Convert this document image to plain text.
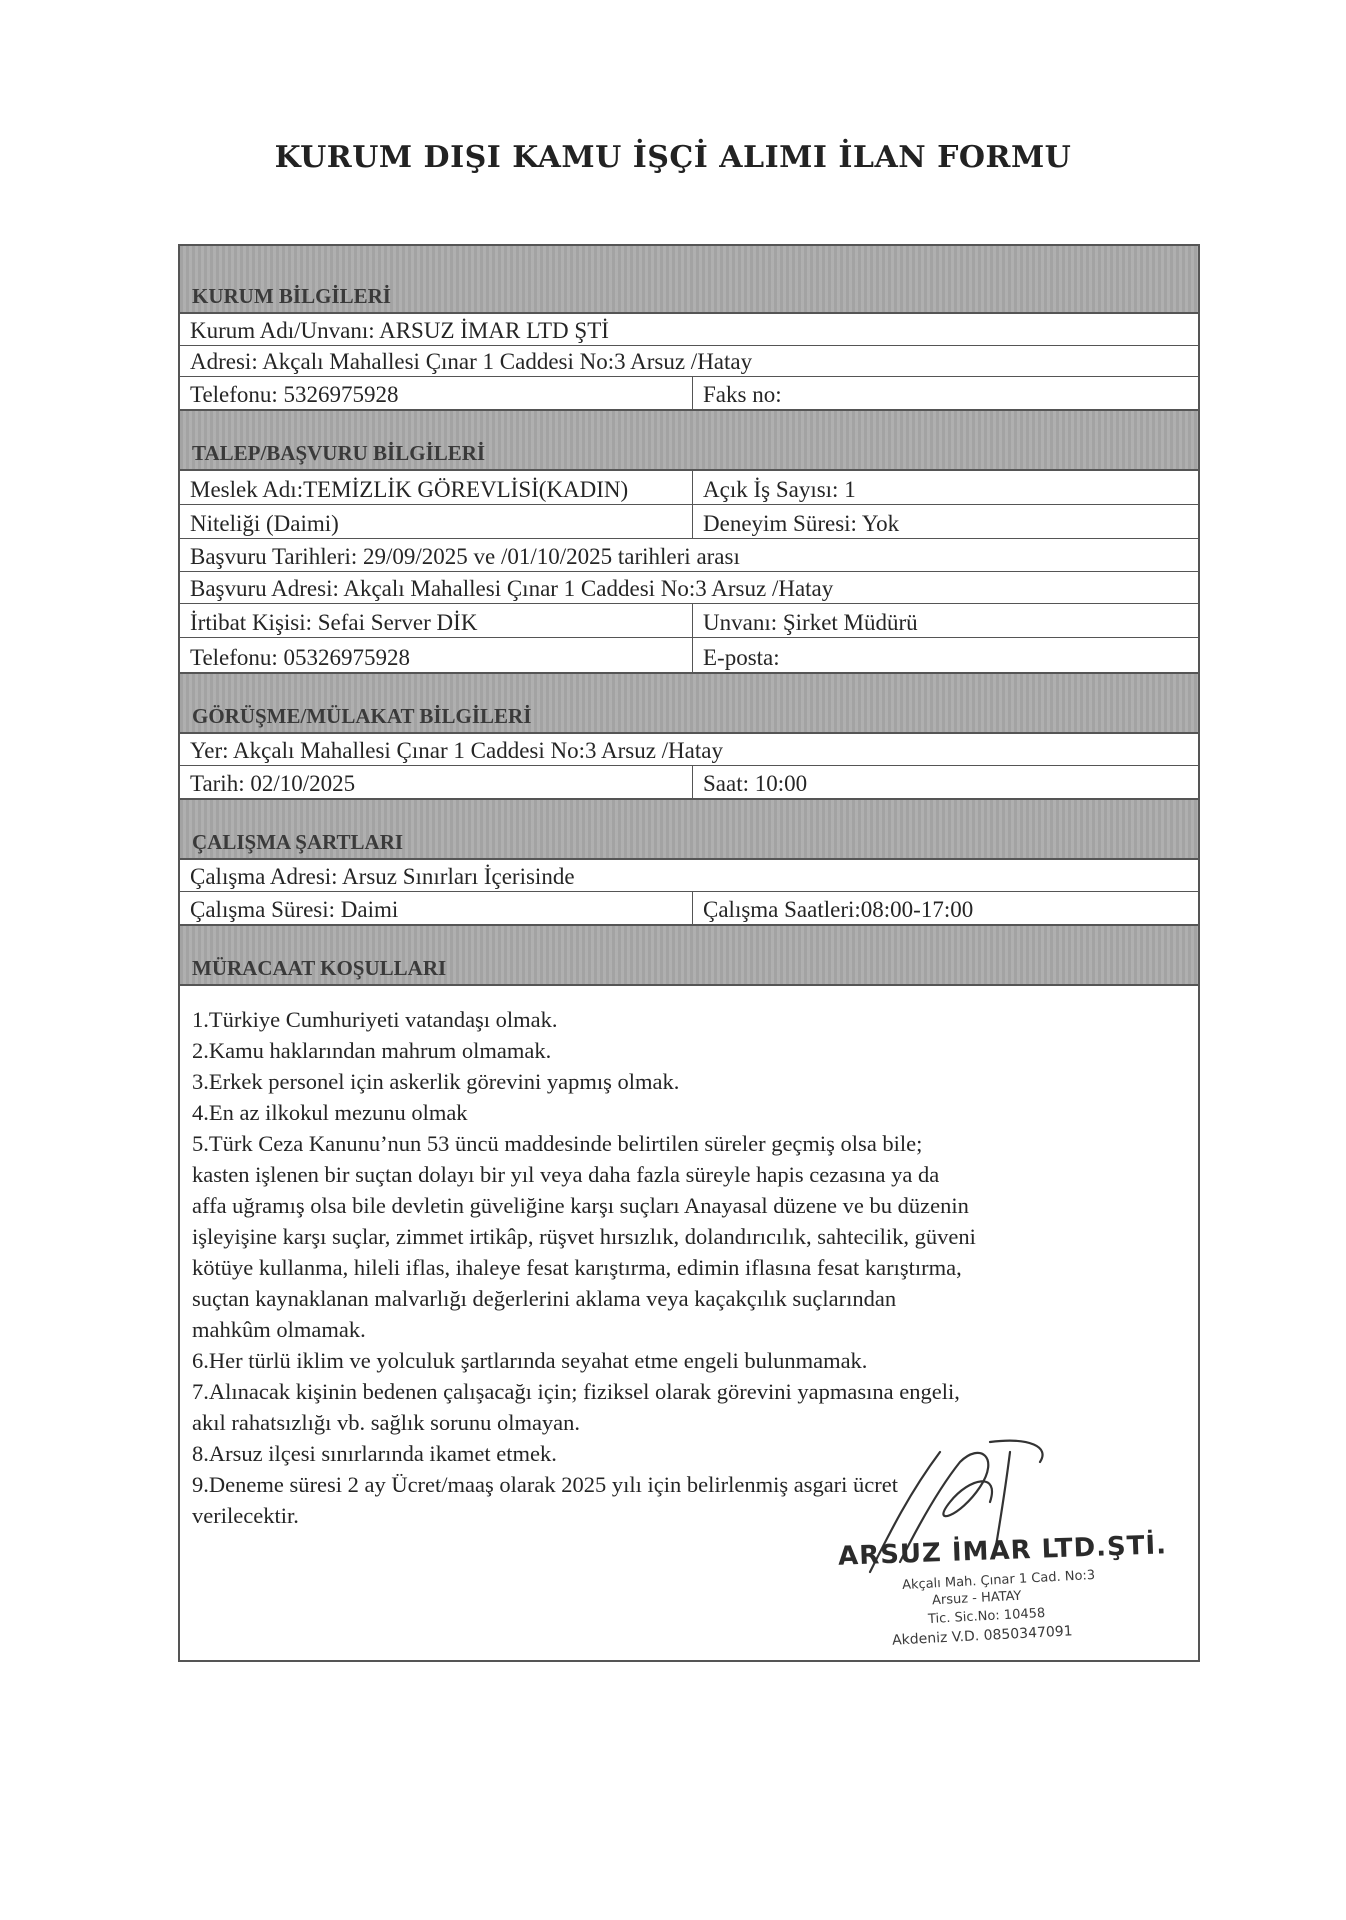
KURUM DIŞI KAMU İŞÇİ ALIMI İLAN FORMU
KURUM BİLGİLERİ
Kurum Adı/Unvanı: ARSUZ İMAR LTD ŞTİ
Adresi: Akçalı Mahallesi Çınar 1 Caddesi No:3 Arsuz /Hatay
Telefonu: 5326975928	Faks no:
TALEP/BAŞVURU BİLGİLERİ
Meslek Adı:TEMİZLİK GÖREVLİSİ(KADIN)	Açık İş Sayısı: 1
Niteliği (Daimi)	Deneyim Süresi: Yok
Başvuru Tarihleri: 29/09/2025 ve /01/10/2025 tarihleri arası
Başvuru Adresi: Akçalı Mahallesi Çınar 1 Caddesi No:3 Arsuz /Hatay
İrtibat Kişisi: Sefai Server DİK	Unvanı: Şirket Müdürü
Telefonu: 05326975928	E-posta:
GÖRÜŞME/MÜLAKAT BİLGİLERİ
Yer: Akçalı Mahallesi Çınar 1 Caddesi No:3 Arsuz /Hatay
Tarih: 02/10/2025	Saat: 10:00
ÇALIŞMA ŞARTLARI
Çalışma Adresi: Arsuz Sınırları İçerisinde
Çalışma Süresi: Daimi	Çalışma Saatleri:08:00-17:00
MÜRACAAT KOŞULLARI
1.Türkiye Cumhuriyeti vatandaşı olmak.
2.Kamu haklarından mahrum olmamak.
3.Erkek personel için askerlik görevini yapmış olmak.
4.En az ilkokul mezunu olmak
5.Türk Ceza Kanunu’nun 53 üncü maddesinde belirtilen süreler geçmiş olsa bile;
kasten işlenen bir suçtan dolayı bir yıl veya daha fazla süreyle hapis cezasına ya da
affa uğramış olsa bile devletin güveliğine karşı suçları Anayasal düzene ve bu düzenin
işleyişine karşı suçlar, zimmet irtikâp, rüşvet hırsızlık, dolandırıcılık, sahtecilik, güveni
kötüye kullanma, hileli iflas, ihaleye fesat karıştırma, edimin iflasına fesat karıştırma,
suçtan kaynaklanan malvarlığı değerlerini aklama veya kaçakçılık suçlarından
mahkûm olmamak.
6.Her türlü iklim ve yolculuk şartlarında seyahat etme engeli bulunmamak.
7.Alınacak kişinin bedenen çalışacağı için; fiziksel olarak görevini yapmasına engeli,
akıl rahatsızlığı vb. sağlık sorunu olmayan.
8.Arsuz ilçesi sınırlarında ikamet etmek.
9.Deneme süresi 2 ay Ücret/maaş olarak 2025 yılı için belirlenmiş asgari ücret
verilecektir.
ARSUZ İMAR LTD.ŞTİ.
Akçalı Mah. Çınar 1 Cad. No:3
Arsuz - HATAY
Tic. Sic.No: 10458
Akdeniz V.D. 0850347091
